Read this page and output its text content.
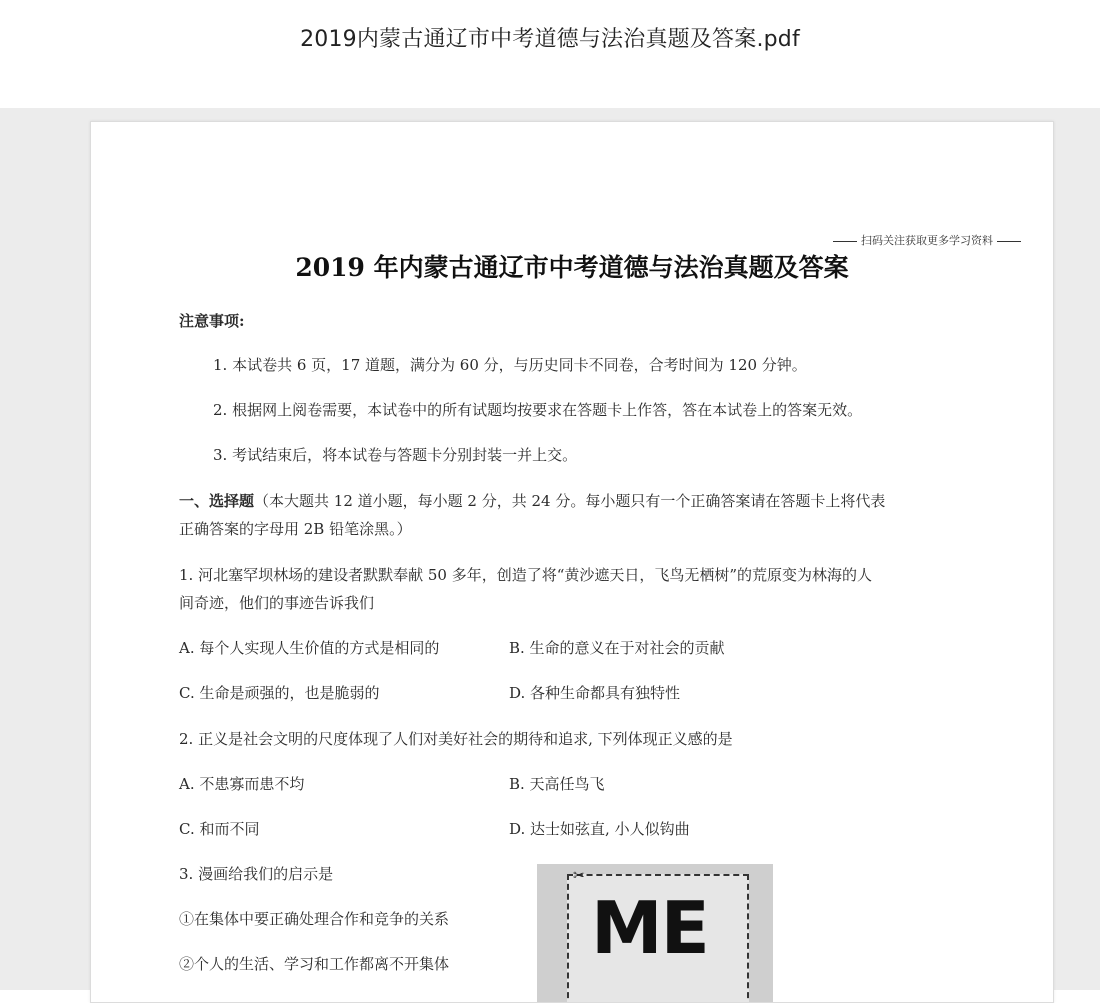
2019内蒙古通辽市中考道德与法治真题及答案.pdf
扫码关注获取更多学习资料
2019 年内蒙古通辽市中考道德与法治真题及答案
注意事项:
1. 本试卷共 6 页，17 道题，满分为 60 分，与历史同卡不同卷，合考时间为 120 分钟。
2. 根据网上阅卷需要，本试卷中的所有试题均按要求在答题卡上作答，答在本试卷上的答案无效。
3. 考试结束后，将本试卷与答题卡分别封装一并上交。
一、选择题（本大题共 12 道小题，每小题 2 分，共 24 分。每小题只有一个正确答案请在答题卡上将代表
正确答案的字母用 2B 铅笔涂黑。）
1. 河北塞罕坝林场的建设者默默奉献 50 多年，创造了将“黄沙遮天日，飞鸟无栖树”的荒原变为林海的人
间奇迹，他们的事迹告诉我们
A. 每个人实现人生价值的方式是相同的	B. 生命的意义在于对社会的贡献
C. 生命是顽强的，也是脆弱的	D. 各种生命都具有独特性
2. 正义是社会文明的尺度体现了人们对美好社会的期待和追求, 下列体现正义感的是
A. 不患寡而患不均	B. 天高任鸟飞
C. 和而不同	D. 达士如弦直, 小人似钩曲
3. 漫画给我们的启示是
①在集体中要正确处理合作和竞争的关系
②个人的生活、学习和工作都离不开集体
✂
ME
